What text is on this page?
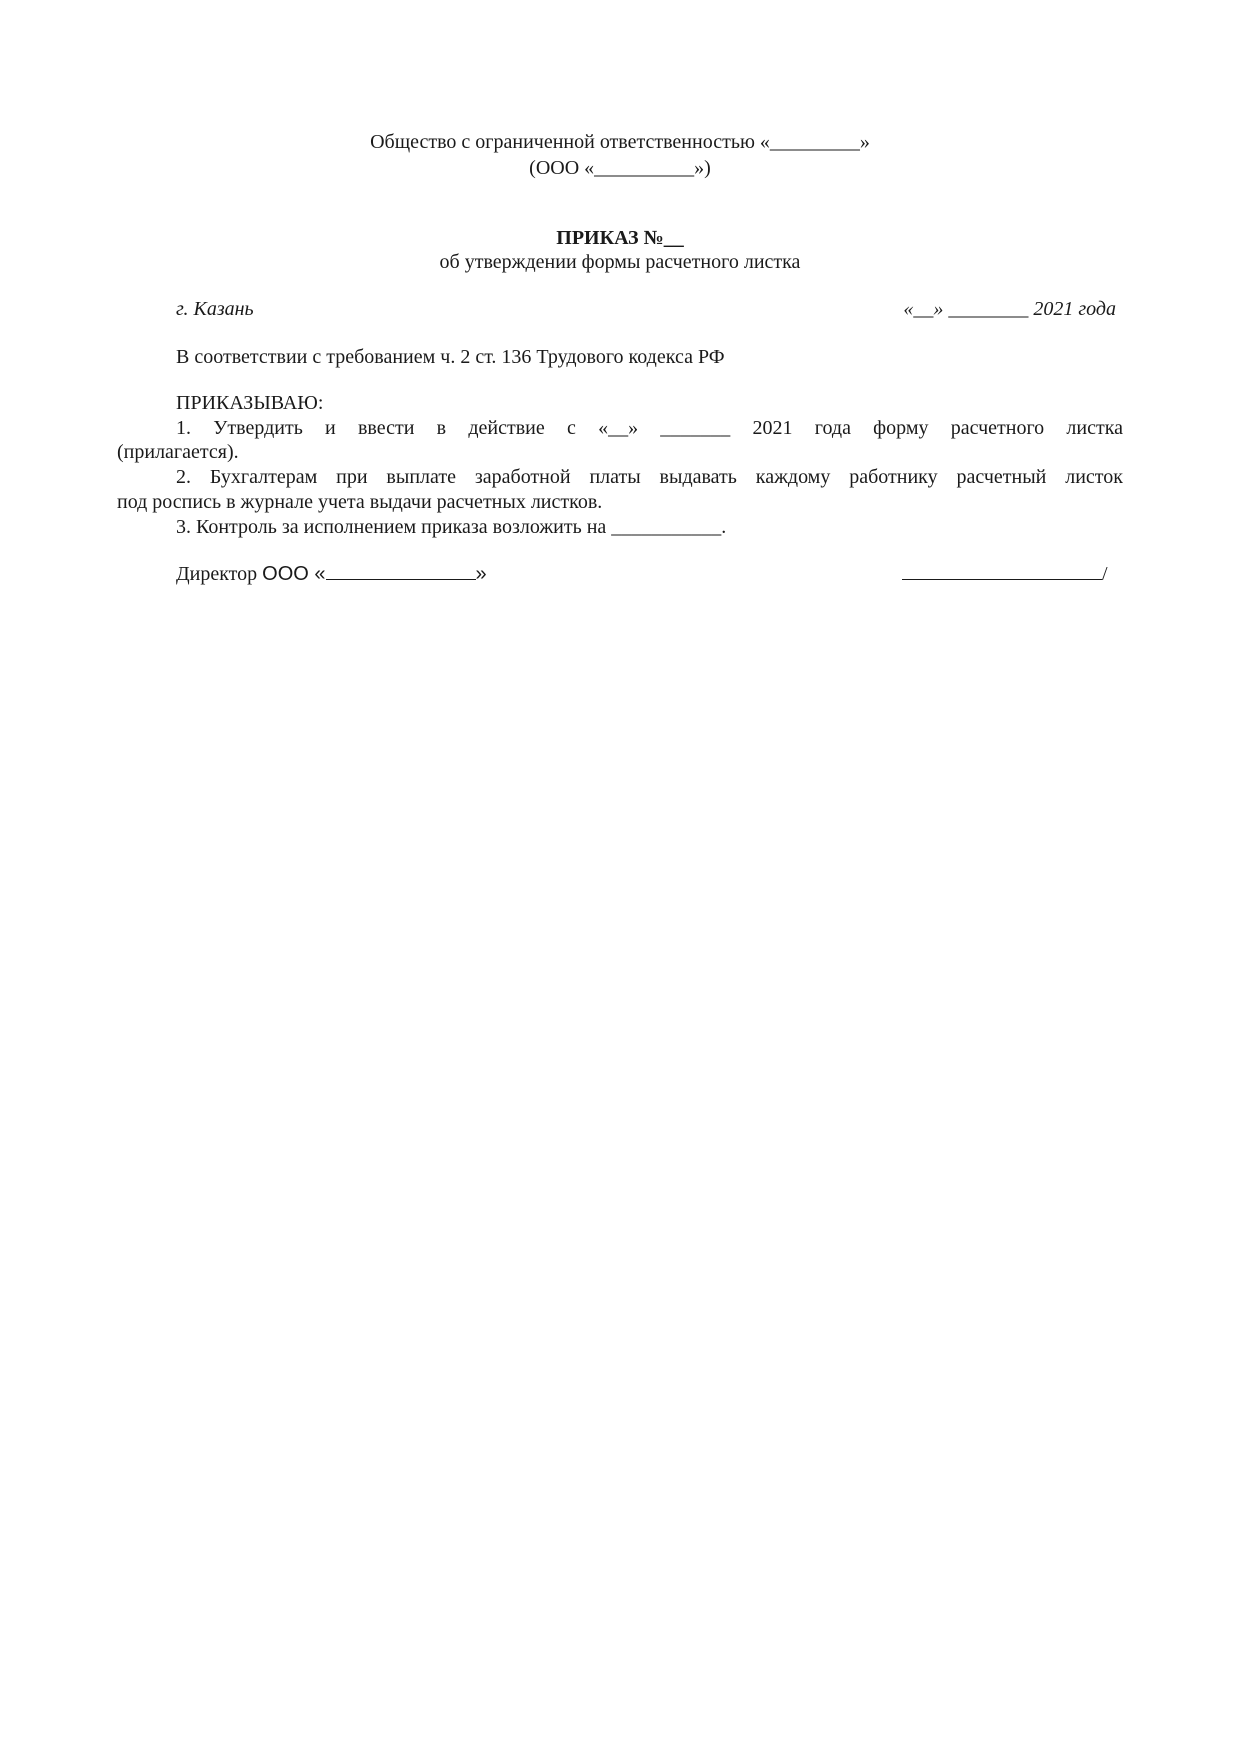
Общество с ограниченной ответственностью «_________»
(ООО «__________»)
ПРИКАЗ №__
об утверждении формы расчетного листка
г. Казань	«__» ________ 2021 года
В соответствии с требованием ч. 2 ст. 136 Трудового кодекса РФ
ПРИКАЗЫВАЮ:
1. Утвердить и ввести в действие с «__» _______ 2021 года форму расчетного листка
(прилагается).
2. Бухгалтерам при выплате заработной платы выдавать каждому работнику расчетный листок
под роспись в журнале учета выдачи расчетных листков.
3. Контроль за исполнением приказа возложить на ___________.
Директор ООО «	»	/
